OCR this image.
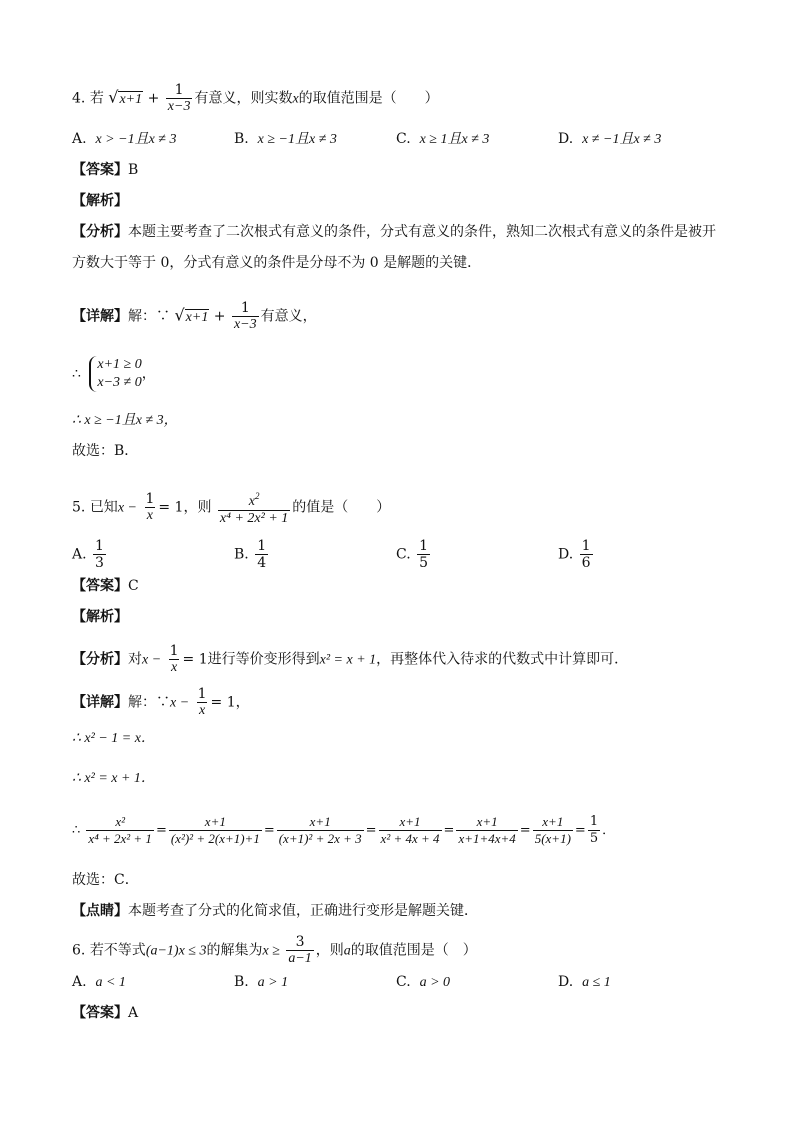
4. 若 $√x+1 + \frac{1}{x-3}$ 有意义，则实数x的取值范围是（　　）
A. x > −1且x ≠ 3	B. x ≥ −1且x ≠ 3	C. x ≥ 1且x ≠ 3	D. x ≠ −1且x ≠ 3
【答案】B
【解析】
【分析】本题主要考查了二次根式有意义的条件，分式有意义的条件，熟知二次根式有意义的条件是被开
方数大于等于 0，分式有意义的条件是分母不为 0 是解题的关键．
【详解】解：∵ $√x+1 + \frac{1}{x-3}$ 有意义，
∴
x+1 ≥ 0
x−3 ≠ 0
，
∴ x ≥ −1且x ≠ 3，
故选：B．
5. 已知$x - \frac{1}{x} = 1$，则 $\frac{x^2}{\text{x⁴ + 2x² + 1}}$ 的值是（　　）
A. $\frac{1}{3}$	B. $\frac{1}{4}$	C. $\frac{1}{5}$	D. $\frac{1}{6}$
【答案】C
【解析】
【分析】对$x - \frac{1}{x} = 1$进行等价变形得到x² = x + 1，再整体代入待求的代数式中计算即可．
【详解】解：∵x − $\frac{1}{x} = 1$，
∴ x² − 1 = x．
∴ x² = x + 1．
∴ $\frac{\text{x²}}{\text{x⁴ + 2x² + 1}} = \frac{x+1}{\text{(x²)² + 2(x+1)+1}} = \frac{x+1}{\text{(x+1)² + 2x + 3}} = \frac{x+1}{\text{x² + 4x + 4}} = \frac{x+1}{x+1+4x+4} = \frac{x+1}{5(x+1)} = \frac{1}{5}$ ．
故选：C．
【点睛】本题考查了分式的化简求值，正确进行变形是解题关键．
6. 若不等式(a−1)x ≤ 3的解集为$x \ge \frac{3}{a-1}$ ，则a的取值范围是（　）
A. a < 1	B. a > 1	C. a > 0	D. a ≤ 1
【答案】A
